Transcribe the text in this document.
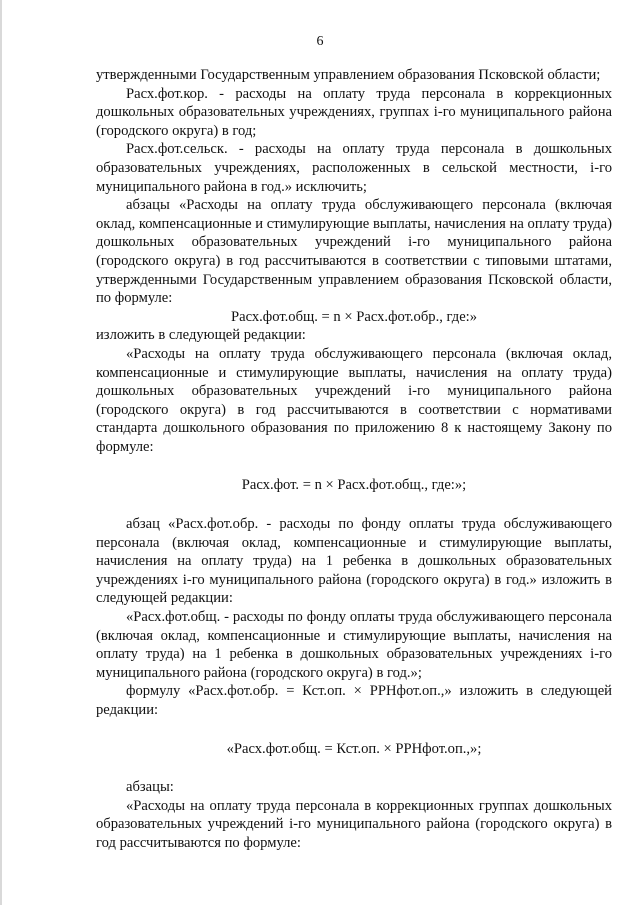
6

утвержденными Государственным управлением образования Псковской области;

Расх.фот.кор. - расходы на оплату труда персонала в коррекционных дошкольных образовательных учреждениях, группах i-го муниципального района (городского округа) в год;

Расх.фот.сельск. - расходы на оплату труда персонала в дошкольных образовательных учреждениях, расположенных в сельской местности, i-го муниципального района в год.» исключить;

абзацы «Расходы на оплату труда обслуживающего персонала (включая оклад, компенсационные и стимулирующие выплаты, начисления на оплату труда) дошкольных образовательных учреждений i-го муниципального района (городского округа) в год рассчитываются в соответствии с типовыми штатами, утвержденными Государственным управлением образования Псковской области, по формуле:

Расх.фот.общ. = n × Расх.фот.обр., где:»

изложить в следующей редакции:

«Расходы на оплату труда обслуживающего персонала (включая оклад, компенсационные и стимулирующие выплаты, начисления на оплату труда) дошкольных образовательных учреждений i-го муниципального района (городского округа) в год рассчитываются в соответствии с нормативами стандарта дошкольного образования по приложению 8 к настоящему Закону по формуле:

Расх.фот. = n × Расх.фот.общ., где:»;

абзац «Расх.фот.обр. - расходы по фонду оплаты труда обслуживающего персонала (включая оклад, компенсационные и стимулирующие выплаты, начисления на оплату труда) на 1 ребенка в дошкольных образовательных учреждениях i-го муниципального района (городского округа) в год.» изложить в следующей редакции:

«Расх.фот.общ. - расходы по фонду оплаты труда обслуживающего персонала (включая оклад, компенсационные и стимулирующие выплаты, начисления на оплату труда) на 1 ребенка в дошкольных образовательных учреждениях i-го муниципального района (городского округа) в год.»;

формулу «Расх.фот.обр. = Кст.оп. × РРНфот.оп.,» изложить в следующей редакции:

«Расх.фот.общ. = Кст.оп. × РРНфот.оп.,»;

абзацы:

«Расходы на оплату труда персонала в коррекционных группах дошкольных образовательных учреждений i-го муниципального района (городского округа) в год рассчитываются по формуле:
